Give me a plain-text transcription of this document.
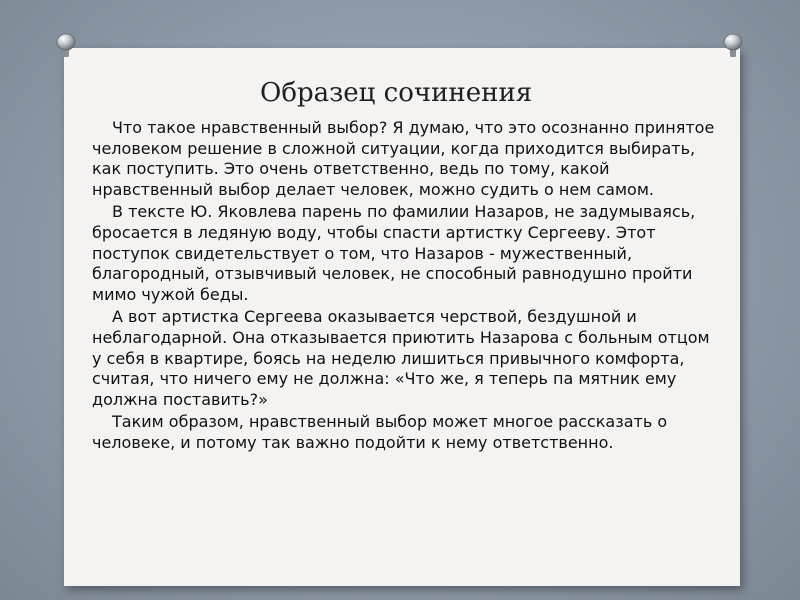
Образец сочинения

Что такое нравственный выбор? Я думаю, что это осознанно принятое человеком решение в сложной ситуации, когда приходится выбирать, как поступить. Это очень ответственно, ведь по тому, какой нравственный выбор делает человек, можно судить о нем самом.

В тексте Ю. Яковлева парень по фамилии Назаров, не задумываясь, бросается в ледяную воду, чтобы спасти артистку Сергееву. Этот поступок свидетельствует о том, что Назаров - мужественный, благородный, отзывчивый человек, не способный равнодушно пройти мимо чужой беды.

А вот артистка Сергеева оказывается черствой, бездушной и неблагодарной. Она отказывается приютить Назарова с больным отцом у себя в квартире, боясь на неделю лишиться привычного комфорта, считая, что ничего ему не должна: «Что же, я теперь па мятник ему должна поставить?»

Таким образом, нравственный выбор может многое рассказать о человеке, и потому так важно подойти к нему ответственно.
